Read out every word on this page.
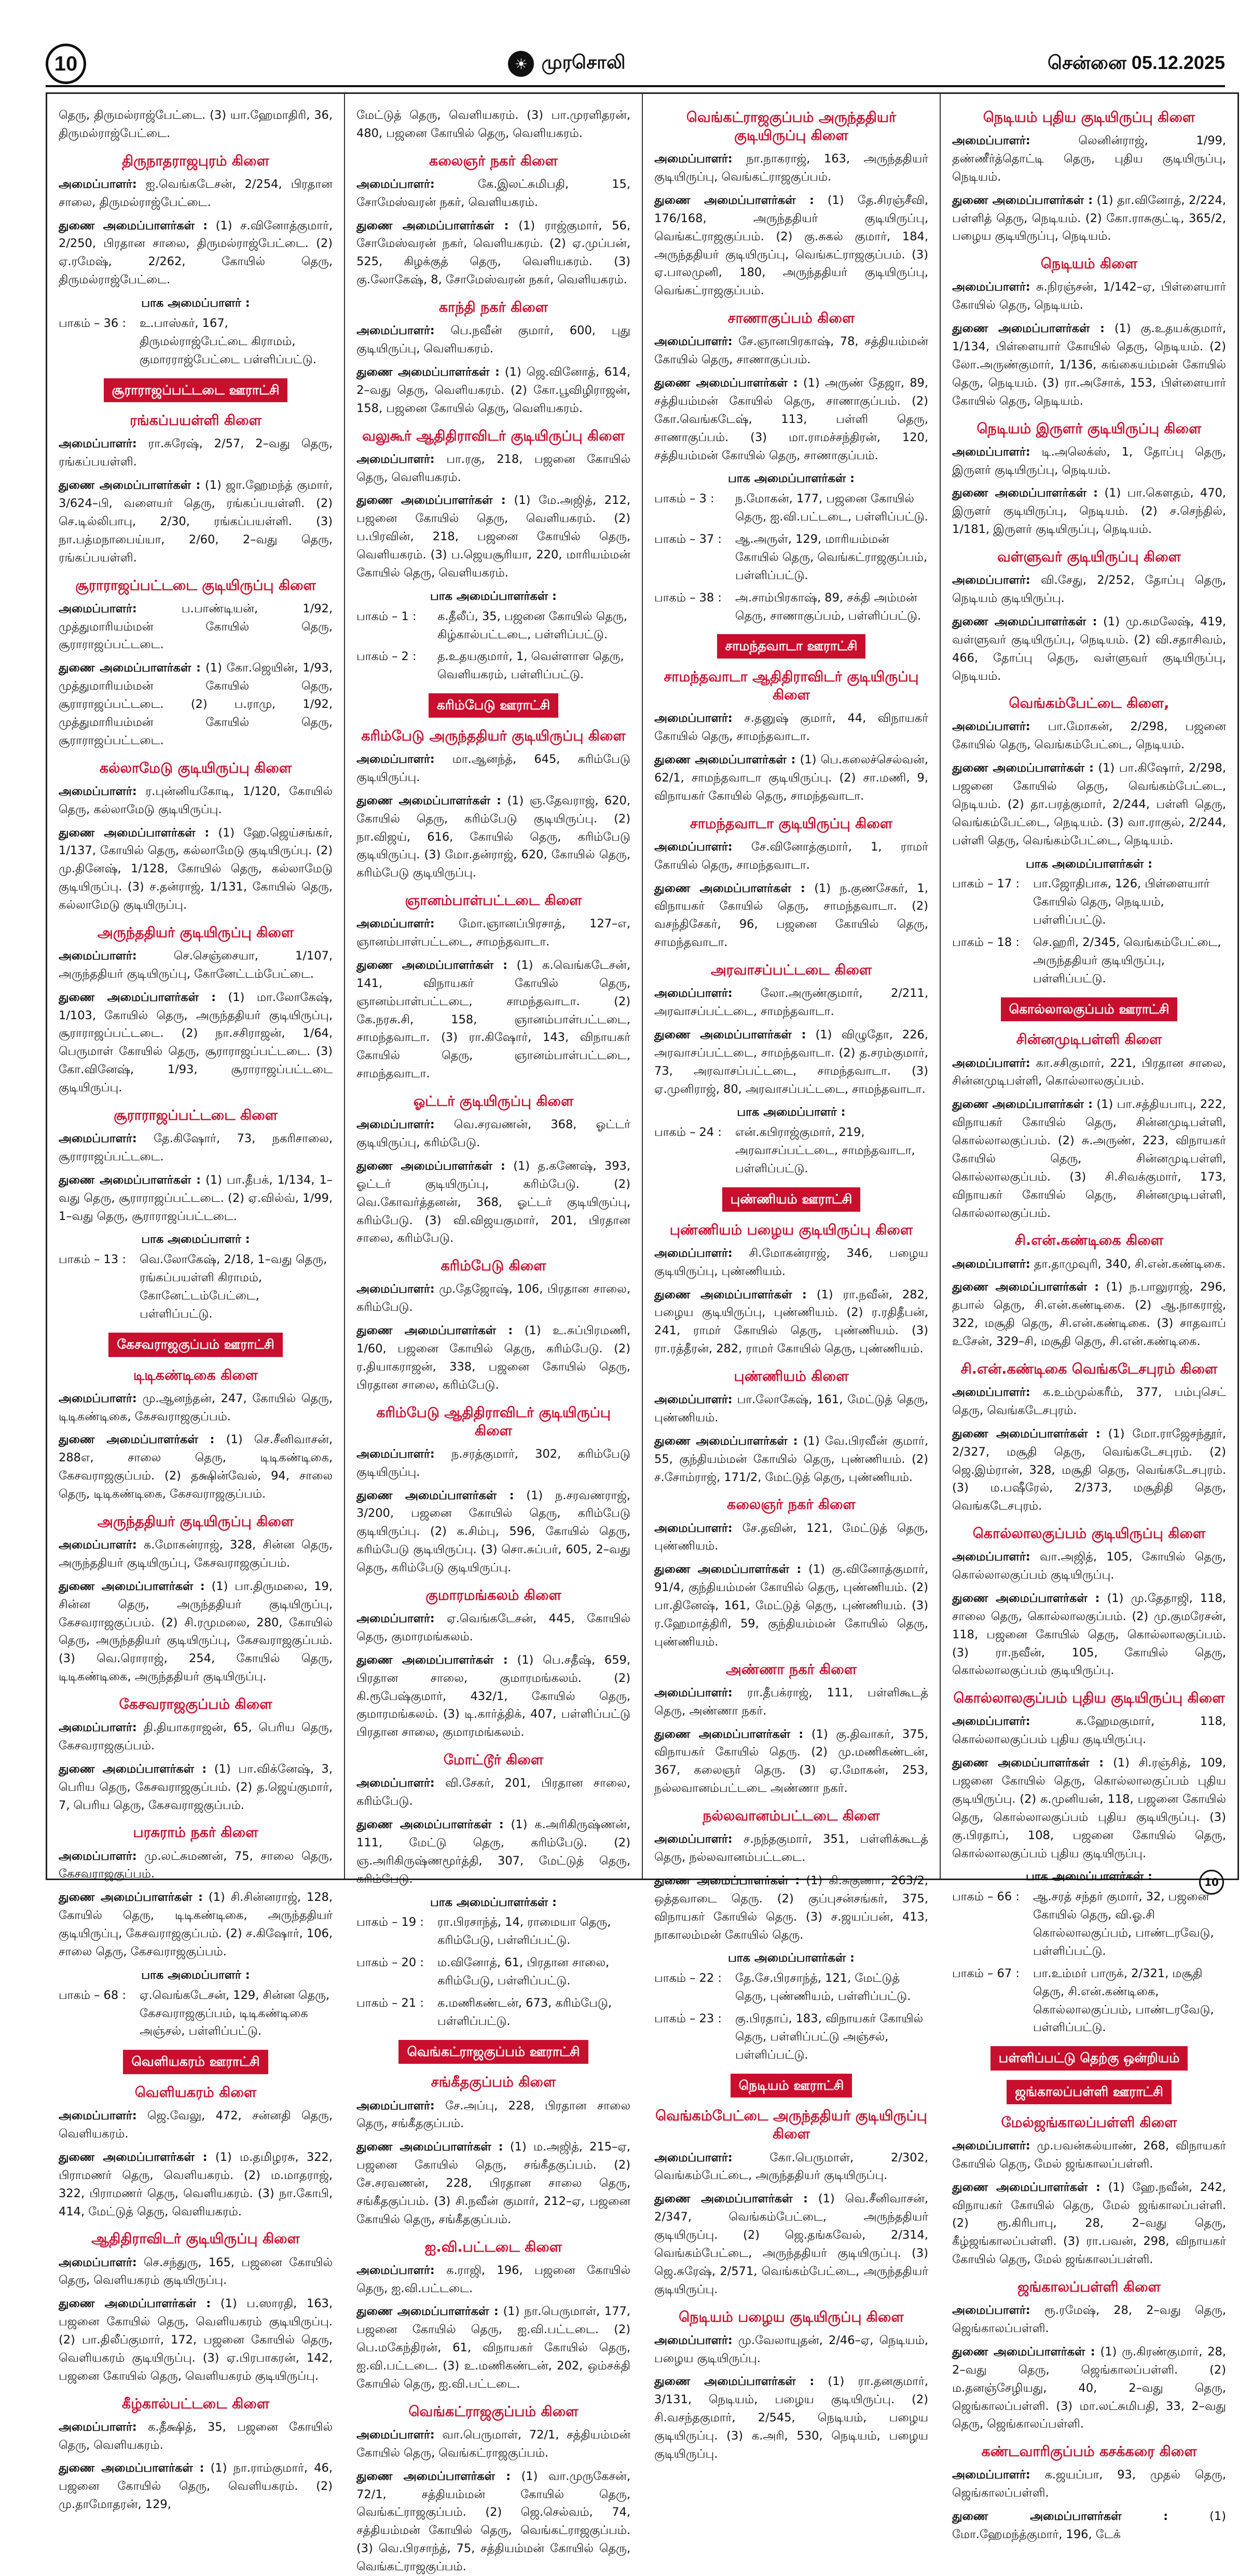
10	☀ முரசொலி	சென்னை 05.12.2025

தெரு, திருமல்ராஜ்பேட்டை. (3) யா.ஹேமாதிரி, 36, திருமல்ராஜ்பேட்டை.

திருநாதராஜபுரம் கிளை

அமைப்பாளர்: ஐ.வெங்கடேசன், 2/254, பிரதான சாலை, திருமல்ராஜ்பேட்டை.

துணை அமைப்பாளர்கள் : (1) ச.வினோத்குமார், 2/250, பிரதான சாலை, திருமல்ராஜ்பேட்டை. (2) ஏ.ரமேஷ், 2/262, கோயில் தெரு, திருமல்ராஜ்பேட்டை.

பாக அமைப்பாளர் :
பாகம் – 36 :	உ.பாஸ்கர், 167, திருமல்ராஜ்பேட்டை கிராமம், குமாரராஜ்பேட்டை பள்ளிப்பட்டு.
சூராராஜப்பட்டடை ஊராட்சி
ரங்கப்பயள்ளி கிளை

அமைப்பாளர்: ரா.சுரேஷ், 2/57, 2–வது தெரு, ரங்கப்பயள்ளி.

துணை அமைப்பாளர்கள் : (1) ஜா.ஹேமந்த் குமார், 3/624–பி, வளையர் தெரு, ரங்கப்பயள்ளி. (2) செ.டில்லிபாபு, 2/30, ரங்கப்பயள்ளி. (3) நா.பத்மநாபைய்யா, 2/60, 2–வது தெரு, ரங்கப்பயள்ளி.

சூராராஜப்பட்டடை குடியிருப்பு கிளை

அமைப்பாளர்:	ப.பாண்டியன், 1/92, முத்துமாரியம்மன் கோயில் தெரு, சூராராஜப்பட்டடை.

துணை அமைப்பாளர்கள் : (1) கோ.ஜெயின், 1/93, முத்துமாரியம்மன் கோயில் தெரு, சூராராஜப்பட்டடை. (2) ப.ராமு, 1/92, முத்துமாரியம்மன் கோயில் தெரு, சூராராஜப்பட்டடை.

கல்லாமேடு குடியிருப்பு கிளை

அமைப்பாளர்: ர.புன்னியகோடி, 1/120, கோயில் தெரு, கல்லாமேடு குடியிருப்பு.

துணை அமைப்பாளர்கள் : (1) ஹே.ஜெய்சங்கர், 1/137, கோயில் தெரு, கல்லாமேடு குடியிருப்பு. (2) மு.தினேஷ், 1/128, கோயில் தெரு, கல்லாமேடு குடியிருப்பு. (3) ச.தன்ராஜ், 1/131, கோயில் தெரு, கல்லாமேடு குடியிருப்பு.

அருந்ததியர் குடியிருப்பு கிளை

அமைப்பாளர்:	செ.செஞ்சையா, 1/107, அருந்ததியர் குடியிருப்பு, கோனேட்டம்பேட்டை.

துணை அமைப்பாளர்கள் : (1) மா.லோகேஷ், 1/103, கோயில் தெரு, அருந்ததியர் குடியிருப்பு, சூராராஜப்பட்டடை. (2) நா.சசிராஜன், 1/64, பெருமாள் கோயில் தெரு, சூராராஜப்பட்டடை. (3) கோ.வினேஷ், 1/93, சூராராஜப்பட்டடை குடியிருப்பு.

சூராராஜப்பட்டடை கிளை

அமைப்பாளர்: தே.கிஷோர், 73, நகரிசாலை, சூராராஜப்பட்டடை.

துணை அமைப்பாளர்கள் : (1) பா.தீபக், 1/134, 1–வது தெரு, சூராராஜப்பட்டடை. (2) ஏ.வில்வ், 1/99, 1–வது தெரு, சூராராஜப்பட்டடை.

பாக அமைப்பாளர் :
பாகம் – 13 :	வெ.லோகேஷ், 2/18, 1–வது தெரு, ரங்கப்பயள்ளி கிராமம், கோனேட்டம்பேட்டை, பள்ளிப்பட்டு.
கேசவராஜகுப்பம் ஊராட்சி
டிடிகண்டிகை கிளை

அமைப்பாளர்: மு.ஆனந்தன், 247, கோயில் தெரு, டிடிகண்டிகை, கேசவராஜகுப்பம்.

துணை அமைப்பாளர்கள் : (1) செ.சீனிவாசன், 288எ, சாலை தெரு, டிடிகண்டிகை, கேசவராஜகுப்பம். (2) தக்ஷின்வேல், 94, சாலை தெரு, டிடிகண்டிகை, கேசவராஜகுப்பம்.

அருந்ததியர் குடியிருப்பு கிளை

அமைப்பாளர்: க.மோகன்ராஜ், 328, சின்ன தெரு, அருந்ததியர் குடியிருப்பு, கேசவராஜகுப்பம்.

துணை அமைப்பாளர்கள் : (1) பா.திருமலை, 19, சின்ன தெரு, அருந்ததியர் குடியிருப்பு, கேசவராஜகுப்பம். (2) சி.ரமுமலை, 280, கோயில் தெரு, அருந்ததியர் குடியிருப்பு, கேசவராஜகுப்பம். (3) வெ.ரொராஜ், 254, கோயில் தெரு, டிடிகண்டிகை, அருந்ததியர் குடியிருப்பு.

கேசவராஜகுப்பம் கிளை

அமைப்பாளர்: தி.தியாகராஜன், 65, பெரிய தெரு, கேசவராஜகுப்பம்.

துணை அமைப்பாளர்கள் : (1) பா.விக்னேஷ், 3, பெரிய தெரு, கேசவராஜகுப்பம். (2) த.ஜெய்குமார், 7, பெரிய தெரு, கேசவராஜகுப்பம்.

பரசுராம் நகர் கிளை

அமைப்பாளர்: மு.லட்சுமணன், 75, சாலை தெரு, கேசவராஜகுப்பம்.

துணை அமைப்பாளர்கள் : (1) சி.சின்னராஜ், 128, கோயில் தெரு, டிடிகண்டிகை, அருந்ததியர் குடியிருப்பு, கேசவராஜகுப்பம். (2) ச.கிஷோர், 106, சாலை தெரு, கேசவராஜகுப்பம்.

பாக அமைப்பாளர் :
பாகம் – 68 :	ஏ.வெங்கடேசன், 129, சின்ன தெரு, கேசவராஜகுப்பம், டிடிகண்டிகை அஞ்சல், பள்ளிப்பட்டு.
வெளியகரம் ஊராட்சி
வெளியகரம் கிளை

அமைப்பாளர்: ஜெ.வேலு, 472, சன்னதி தெரு, வெளியகரம்.

துணை அமைப்பாளர்கள் : (1) ம.தமிழரசு, 322, பிராமணர் தெரு, வெளியகரம். (2) ம.மாதராஜ், 322, பிராமணர் தெரு, வெளியகரம். (3) நா.கோபி, 414, மேட்டுத் தெரு, வெளியகரம்.

ஆதிதிராவிடர் குடியிருப்பு கிளை

அமைப்பாளர்: செ.சந்துரு, 165, பஜனை கோயில் தெரு, வெளியகரம் குடியிருப்பு.

துணை அமைப்பாளர்கள் : (1) ப.ஸாரதி, 163, பஜனை கோயில் தெரு, வெளியகரம் குடியிருப்பு. (2) பா.திலீப்குமார், 172, பஜனை கோயில் தெரு, வெளியகரம் குடியிருப்பு. (3) ஏ.பிரபாகரன், 142, பஜனை கோயில் தெரு, வெளியகரம் குடியிருப்பு.

கீழ்கால்பட்டடை கிளை

அமைப்பாளர்: க.தீக்ஷித், 35, பஜனை கோயில் தெரு, வெளியகரம்.

துணை அமைப்பாளர்கள் : (1) நா.ராம்குமார், 46, பஜனை கோயில் தெரு, வெளியகரம். (2) மு.தாமோதரன், 129,

மேட்டுத் தெரு, வெளியகரம். (3) பா.முரளிதரன், 480, பஜனை கோயில் தெரு, வெளியகரம்.

கலைஞர் நகர் கிளை

அமைப்பாளர்:	கே.இலட்சுமிபதி, 15, சோமேஸ்வரன் நகர், வெளியகரம்.

துணை அமைப்பாளர்கள் : (1) ராஜ்குமார், 56, சோமேஸ்வரன் நகர், வெளியகரம். (2) ஏ.முப்பன், 525, கிழக்குத் தெரு, வெளியகரம். (3) கு.லோகேஷ், 8, சோமேஸ்வரன் நகர், வெளியகரம்.

காந்தி நகர் கிளை

அமைப்பாளர்: பெ.நவீன் குமார், 600, புது குடியிருப்பு, வெளியகரம்.

துணை அமைப்பாளர்கள் : (1) ஜெ.வினோத், 614, 2–வது தெரு, வெளியகரம். (2) கோ.பூவிழிராஜன், 158, பஜனை கோயில் தெரு, வெளியகரம்.

வலுகூர் ஆதிதிராவிடர் குடியிருப்பு கிளை

அமைப்பாளர்: பா.ரகு, 218, பஜனை கோயில் தெரு, வெளியகரம்.

துணை அமைப்பாளர்கள் : (1) மே.அஜித், 212, பஜனை கோயில் தெரு, வெளியகரம். (2) ப.பிரவின், 218, பஜனை கோயில் தெரு, வெளியகரம். (3) ப.ஜெயசூரியா, 220, மாரியம்மன் கோயில் தெரு, வெளியகரம்.

பாக அமைப்பாளர்கள் :
பாகம் – 1 :	க.தீலீப், 35, பஜனை கோயில் தெரு, கிழ்கால்பட்டடை, பள்ளிப்பட்டு.
பாகம் – 2 :	த.உதயகுமார், 1, வெள்ளாள தெரு, வெளியகரம், பள்ளிப்பட்டு.
கரிம்பேடு ஊராட்சி
கரிம்பேடு அருந்ததியர் குடியிருப்பு கிளை

அமைப்பாளர்: மா.ஆனந்த், 645, கரிம்பேடு குடியிருப்பு.

துணை அமைப்பாளர்கள் : (1) ஞ.தேவராஜ், 620, கோயில் தெரு, கரிம்பேடு குடியிருப்பு. (2) நா.விஜய், 616, கோயில் தெரு, கரிம்பேடு குடியிருப்பு. (3) மோ.தன்ராஜ், 620, கோயில் தெரு, கரிம்பேடு குடியிருப்பு.

ஞானம்பாள்பட்டடை கிளை

அமைப்பாளர்: மோ.ஞானப்பிரசாத், 127–எ, ஞானம்பாள்பட்டடை, சாமந்தவாடா.

துணை அமைப்பாளர்கள் : (1) க.வெங்கடேசன், 141, விநாயகர் கோயில் தெரு, ஞானம்பாள்பட்டடை, சாமந்தவாடா. (2) கே.நரசு.சி, 158, ஞானம்பாள்பட்டடை, சாமந்தவாடா. (3) ரா.கிஷோர், 143, விநாயகர் கோயில் தெரு, ஞானம்பாள்பட்டடை, சாமந்தவாடா.

ஓட்டர் குடியிருப்பு கிளை

அமைப்பாளர்: வெ.சரவணன், 368, ஓட்டர் குடியிருப்பு, கரிம்பேடு.

துணை அமைப்பாளர்கள் : (1) த.கணேஷ், 393, ஓட்டர் குடியிருப்பு, கரிம்பேடு. (2) வெ.கோவர்த்தனன், 368, ஓட்டர் குடியிருப்பு, கரிம்பேடு. (3) வி.விஜயகுமார், 201, பிரதான சாலை, கரிம்பேடு.

கரிம்பேடு கிளை

அமைப்பாளர்: மு.தேஜோஷ், 106, பிரதான சாலை, கரிம்பேடு.

துணை அமைப்பாளர்கள் : (1) உ.சுப்பிரமணி, 1/60, பஜனை கோயில் தெரு, கரிம்பேடு. (2) ர.தியாகராஜன், 338, பஜனை கோயில் தெரு, பிரதான சாலை, கரிம்பேடு.

கரிம்பேடு ஆதிதிராவிடர் குடியிருப்பு கிளை

அமைப்பாளர்: ந.சரத்குமார், 302, கரிம்பேடு குடியிருப்பு.

துணை அமைப்பாளர்கள் : (1) ந.சரவணராஜ், 3/200, பஜனை கோயில் தெரு, கரிம்பேடு குடியிருப்பு. (2) க.சிம்பு, 596, கோயில் தெரு, கரிம்பேடு குடியிருப்பு. (3) சொ.சுப்பர், 605, 2–வது தெரு, கரிம்பேடு குடியிருப்பு.

குமாரமங்கலம் கிளை

அமைப்பாளர்: ஏ.வெங்கடேசன், 445, கோயில் தெரு, குமாரமங்கலம்.

துணை அமைப்பாளர்கள் : (1) பெ.சதீஷ், 659, பிரதான சாலை, குமாரமங்கலம். (2) கி.ரூபேஷ்குமார், 432/1, கோயில் தெரு, குமாரமங்கலம். (3) டி.கார்த்திக், 407, பள்ளிப்பட்டு பிரதான சாலை, குமாரமங்கலம்.

மோட்டூர் கிளை

அமைப்பாளர்: வி.சேகர், 201, பிரதான சாலை, கரிம்பேடு.

துணை அமைப்பாளர்கள் : (1) க.அரிகிருஷ்ணன், 111, மேட்டு தெரு, கரிம்பேடு. (2) ஞ.அரிகிருஷ்ணமூர்த்தி, 307, மேட்டுத் தெரு, கரிம்பேடு.

பாக அமைப்பாளர்கள் :
பாகம் – 19 :	ரா.பிரசாந்த், 14, ராமையா தெரு, கரிம்பேடு, பள்ளிப்பட்டு.
பாகம் – 20 :	ம.வினோத், 61, பிரதான சாலை, கரிம்பேடு, பள்ளிப்பட்டு.
பாகம் – 21 :	க.மணிகண்டன், 673, கரிம்பேடு, பள்ளிப்பட்டு.
வெங்கட்ராஜகுப்பம் ஊராட்சி
சங்கீதகுப்பம் கிளை

அமைப்பாளர்: சே.அப்பு, 228, பிரதான சாலை தெரு, சங்கீதகுப்பம்.

துணை அமைப்பாளர்கள் : (1) ம.அஜித், 215–ஏ, பஜனை கோயில் தெரு, சங்கீதகுப்பம். (2) சே.சரவணன், 228, பிரதான சாலை தெரு, சங்கீதகுப்பம். (3) சி.நவீன் குமார், 212–ஏ, பஜனை கோயில் தெரு, சங்கீதகுப்பம்.

ஐ.வி.பட்டடை கிளை

அமைப்பாளர்: க.ராஜி, 196, பஜனை கோயில் தெரு, ஐ.வி.பட்டடை.

துணை அமைப்பாளர்கள் : (1) நா.பெருமாள், 177, பஜனை கோயில் தெரு, ஐ.வி.பட்டடை. (2) பெ.மகேந்திரன், 61, விநாயகர் கோயில் தெரு, ஐ.வி.பட்டடை. (3) உ.மணிகண்டன், 202, ஒம்சக்தி கோயில் தெரு, ஐ.வி.பட்டடை.

வெங்கட்ராஜகுப்பம் கிளை

அமைப்பாளர்: வா.பெருமாள், 72/1, சத்தியம்மன் கோயில் தெரு, வெங்கட்ராஜகுப்பம்.

துணை அமைப்பாளர்கள் : (1) வா.முருகேசன், 72/1, சத்தியம்மன் கோயில் தெரு, வெங்கட்ராஜகுப்பம். (2) ஜெ.செல்வம், 74, சத்தியம்மன் கோயில் தெரு, வெங்கட்ராஜகுப்பம். (3) வெ.பிரசாந்த், 75, சத்தியம்மன் கோயில் தெரு, வெங்கட்ராஜகுப்பம்.

வெங்கட்ராஜகுப்பம் அருந்ததியர் குடியிருப்பு கிளை

அமைப்பாளர்: நா.நாகராஜ், 163, அருந்ததியர் குடியிருப்பு, வெங்கட்ராஜகுப்பம்.

துணை அமைப்பாளர்கள் : (1) தே.சிரஞ்சீவி, 176/168, அருந்ததியர் குடியிருப்பு, வெங்கட்ராஜகுப்பம். (2) கு.சுகல் குமார், 184, அருந்ததியர் குடியிருப்பு, வெங்கட்ராஜகுப்பம். (3) ஏ.பாலமுனி, 180, அருந்ததியர் குடியிருப்பு, வெங்கட்ராஜகுப்பம்.

சாணாகுப்பம் கிளை

அமைப்பாளர்: சே.ஞானபிரகாஷ், 78, சத்தியம்மன் கோயில் தெரு, சாணாகுப்பம்.

துணை அமைப்பாளர்கள் : (1) அருண் தேஜா, 89, சத்தியம்மன் கோயில் தெரு, சாணாகுப்பம். (2) கோ.வெங்கடேஷ், 113, பள்ளி தெரு, சாணாகுப்பம். (3) மா.ராமச்சந்திரன், 120, சத்தியம்மன் கோயில் தெரு, சாணாகுப்பம்.

பாக அமைப்பாளர்கள் :
பாகம் – 3 :	ந.மோகன், 177, பஜனை கோயில் தெரு, ஐ.வி.பட்டடை, பள்ளிப்பட்டு.
பாகம் – 37 :	ஆ.அருள், 129, மாரியம்மன் கோயில் தெரு, வெங்கட்ராஜகுப்பம், பள்ளிப்பட்டு.
பாகம் – 38 :	அ.சாம்பிரகாஷ், 89, சக்தி அம்மன் தெரு, சாணாகுப்பம், பள்ளிப்பட்டு.
சாமந்தவாடா ஊராட்சி
சாமந்தவாடா ஆதிதிராவிடர் குடியிருப்பு கிளை

அமைப்பாளர்: ச.தனுஷ் குமார், 44, விநாயகர் கோயில் தெரு, சாமந்தவாடா.

துணை அமைப்பாளர்கள் : (1) பெ.கலைச்செல்வன், 62/1, சாமந்தவாடா குடியிருப்பு. (2) சா.மணி, 9, விநாயகர் கோயில் தெரு, சாமந்தவாடா.

சாமந்தவாடா குடியிருப்பு கிளை

அமைப்பாளர்: சே.வினோத்குமார், 1, ராமர் கோயில் தெரு, சாமந்தவாடா.

துணை அமைப்பாளர்கள் : (1) ந.குணசேகர், 1, விநாயகர் கோயில் தெரு, சாமந்தவாடா. (2) வசந்திசேகர், 96, பஜனை கோயில் தெரு, சாமந்தவாடா.

அரவாசப்பட்டடை கிளை

அமைப்பாளர்: லோ.அருண்குமார், 2/211, அரவாசப்பட்டடை, சாமந்தவாடா.

துணை அமைப்பாளர்கள் : (1) விழுதோ, 226, அரவாசப்பட்டடை, சாமந்தவாடா. (2) த.சரம்குமார், 73, அரவாசப்பட்டடை, சாமந்தவாடா. (3) ஏ.முனிராஜ், 80, அரவாசப்பட்டடை, சாமந்தவாடா.

பாக அமைப்பாளர் :
பாகம் – 24 :	என்.கபிராஜ்குமார், 219, அரவாசப்பட்டடை, சாமந்தவாடா, பள்ளிப்பட்டு.
புண்ணியம் ஊராட்சி
புண்ணியம் பழைய குடியிருப்பு கிளை

அமைப்பாளர்: சி.மோகன்ராஜ், 346, பழைய குடியிருப்பு, புண்ணியம்.

துணை அமைப்பாளர்கள் : (1) ரா.நவீன், 282, பழைய குடியிருப்பு, புண்ணியம். (2) ர.ரதிதீபன், 241, ராமர் கோயில் தெரு, புண்ணியம். (3) ரா.ரத்தீரன், 282, ராமர் கோயில் தெரு, புண்ணியம்.

புண்ணியம் கிளை

அமைப்பாளர்: பா.லோகேஷ், 161, மேட்டுத் தெரு, புண்ணியம்.

துணை அமைப்பாளர்கள் : (1) வே.பிரவீன் குமார், 55, குந்தியம்மன் கோயில் தெரு, புண்ணியம். (2) ச.சோம்ராஜ், 171/2, மேட்டுத் தெரு, புண்ணியம்.

கலைஞர் நகர் கிளை

அமைப்பாளர்: சே.தவின், 121, மேட்டுத் தெரு, புண்ணியம்.

துணை அமைப்பாளர்கள் : (1) கு.வினோத்குமார், 91/4, குந்தியம்மன் கோயில் தெரு, புண்ணியம். (2) பா.தினேஷ், 161, மேட்டுத் தெரு, புண்ணியம். (3) ர.ஹேமாத்திரி, 59, குந்தியம்மன் கோயில் தெரு, புண்ணியம்.

அண்ணா நகர் கிளை

அமைப்பாளர்: ரா.தீபக்ராஜ், 111, பள்ளிகூடத் தெரு, அண்ணா நகர்.

துணை அமைப்பாளர்கள் : (1) கு.திவாகர், 375, விநாயகர் கோயில் தெரு. (2) மு.மணிகண்டன், 367, கலைஞர் தெரு. (3) ஏ.மோகன், 253, நல்லவானம்பட்டடை அண்ணா நகர்.

நல்லவானம்பட்டடை கிளை

அமைப்பாளர்: ச.நந்தகுமார், 351, பள்ளிக்கூடத் தெரு, நல்லவானம்பட்டடை.

துணை அமைப்பாளர்கள் : (1) கி.சுகுணா, 263/2, ஒத்தவாடை தெரு. (2) குப்புசன்சங்கர், 375, விநாயகர் கோயில் தெரு. (3) ச.ஜயப்பன், 413, நாகாலம்மன் கோயில் தெரு.

பாக அமைப்பாளர்கள் :
பாகம் – 22 :	தே.சே.பிரசாந்த், 121, மேட்டுத் தெரு, புண்ணியம், பள்ளிப்பட்டு.
பாகம் – 23 :	கு.பிரதாப், 183, விநாயகர் கோயில் தெரு, பள்ளிப்பட்டு அஞ்சல், பள்ளிப்பட்டு.
நெடியம் ஊராட்சி
வெங்கம்பேட்டை அருந்ததியர் குடியிருப்பு கிளை

அமைப்பாளர்:	கோ.பெருமாள், 2/302, வெங்கம்பேட்டை, அருந்ததியர் குடியிருப்பு.

துணை அமைப்பாளர்கள் : (1) வெ.சீனிவாசன், 2/347, வெங்கம்பேட்டை, அருந்ததியர் குடியிருப்பு. (2) ஜெ.தங்கவேல், 2/314, வெங்கம்பேட்டை, அருந்ததியர் குடியிருப்பு. (3) ஜெ.சுரேஷ், 2/571, வெங்கம்பேட்டை, அருந்ததியர் குடியிருப்பு.

நெடியம் பழைய குடியிருப்பு கிளை

அமைப்பாளர்: மு.வேலாயுதன், 2/46–ஏ, நெடியம், பழைய குடியிருப்பு.

துணை அமைப்பாளர்கள் : (1) ரா.தனகுமார், 3/131, நெடியம், பழைய குடியிருப்பு. (2) சி.வசந்தகுமார், 2/545, நெடியம், பழைய குடியிருப்பு. (3) க.அரி, 530, நெடியம், பழைய குடியிருப்பு.

நெடியம் புதிய குடியிருப்பு கிளை

அமைப்பாளர்:	லெனின்ராஜ், 1/99, தண்ணீர்த்தொட்டி தெரு, புதிய குடியிருப்பு, நெடியம்.

துணை அமைப்பாளர்கள் : (1) தா.வினோத், 2/224, பள்ளித் தெரு, நெடியம். (2) கோ.ராசுகுட்டி, 365/2, பழைய குடியிருப்பு, நெடியம்.

நெடியம் கிளை

அமைப்பாளர்: சு.நிரஞ்சன், 1/142–ஏ, பிள்ளையார் கோயில் தெரு, நெடியம்.

துணை அமைப்பாளர்கள் : (1) கு.உதயக்குமார், 1/134, பிள்ளையார் கோயில் தெரு, நெடியம். (2) லோ.அருண்குமார், 1/136, கங்கையம்மன் கோயில் தெரு, நெடியம். (3) ரா.அசோக், 153, பிள்ளையார் கோயில் தெரு, நெடியம்.

நெடியம் இருளர் குடியிருப்பு கிளை

அமைப்பாளர்: டி.அலெக்ஸ், 1, தோப்பு தெரு, இருளர் குடியிருப்பு, நெடியம்.

துணை அமைப்பாளர்கள் : (1) பா.கௌதம், 470, இருளர் குடியிருப்பு, நெடியம். (2) ச.செந்தில், 1/181, இருளர் குடியிருப்பு, நெடியம்.

வள்ளுவர் குடியிருப்பு கிளை

அமைப்பாளர்: வி.சேது, 2/252, தோப்பு தெரு, நெடியம் குடியிருப்பு.

துணை அமைப்பாளர்கள் : (1) மு.கமலேஷ், 419, வள்ளுவர் குடியிருப்பு, நெடியம். (2) வி.சதாசிவம், 466, தோப்பு தெரு, வள்ளுவர் குடியிருப்பு, நெடியம்.

வெங்கம்பேட்டை கிளை,

அமைப்பாளர்: பா.மோகன், 2/298, பஜனை கோயில் தெரு, வெங்கம்பேட்டை, நெடியம்.

துணை அமைப்பாளர்கள் : (1) பா.கிஷோர், 2/298, பஜனை கோயில் தெரு, வெங்கம்பேட்டை, நெடியம். (2) தா.பரத்குமார், 2/244, பள்ளி தெரு, வெங்கம்பேட்டை, நெடியம். (3) வா.ராகுல், 2/244, பள்ளி தெரு, வெங்கம்பேட்டை, நெடியம்.

பாக அமைப்பாளர்கள் :
பாகம் – 17 :	பா.ஜோதிபாசு, 126, பிள்ளையார் கோயில் தெரு, நெடியம், பள்ளிப்பட்டு.
பாகம் – 18 :	செ.ஹரி, 2/345, வெங்கம்பேட்டை, அருந்ததியர் குடியிருப்பு, பள்ளிப்பட்டு.
கொல்லாலகுப்பம் ஊராட்சி
சின்னமுடிபள்ளி கிளை

அமைப்பாளர்: கா.சசிகுமார், 221, பிரதான சாலை, சின்னமுடிபள்ளி, கொல்லாலகுப்பம்.

துணை அமைப்பாளர்கள் : (1) பா.சத்தியபாபு, 222, விநாயகர் கோயில் தெரு, சின்னமுடிபள்ளி, கொல்லாலகுப்பம். (2) சு.அருண், 223, விநாயகர் கோயில் தெரு, சின்னமுடிபள்ளி, கொல்லாலகுப்பம். (3) சி.சிவக்குமார், 173, விநாயகர் கோயில் தெரு, சின்னமுடிபள்ளி, கொல்லாலகுப்பம்.

சி.என்.கண்டிகை கிளை

அமைப்பாளர்: தா.தாமுவுரி, 340, சி.என்.கண்டிகை.

துணை அமைப்பாளர்கள் : (1) ந.பாலுராஜ், 296, தபால் தெரு, சி.என்.கண்டிகை. (2) ஆ.நாகராஜ், 322, மசூதி தெரு, சி.என்.கண்டிகை. (3) சாதவாப் உசேன், 329–சி, மசூதி தெரு, சி.என்.கண்டிகை.

சி.என்.கண்டிகை வெங்கடேசபுரம் கிளை

அமைப்பாளர்: க.உம்முல்கரீம், 377, பம்புசெட் தெரு, வெங்கடேசபுரம்.

துணை அமைப்பாளர்கள் : (1) மோ.ராஜேசந்தூர், 2/327, மசூதி தெரு, வெங்கடேசபுரம். (2) ஜெ.இம்ரான், 328, மசூதி தெரு, வெங்கடேசபுரம். (3) ம.பஷீரேல், 2/373, மசூதிதி தெரு, வெங்கடேசபுரம்.

கொல்லாலகுப்பம் குடியிருப்பு கிளை

அமைப்பாளர்: வா.அஜித், 105, கோயில் தெரு, கொல்லாலகுப்பம் குடியிருப்பு.

துணை அமைப்பாளர்கள் : (1) மு.தேதாஜி, 118, சாலை தெரு, கொல்லாலகுப்பம். (2) மு.குமரேசன், 118, பஜனை கோயில் தெரு, கொல்லாலகுப்பம். (3) ரா.நவீன், 105, கோயில் தெரு, கொல்லாலகுப்பம் குடியிருப்பு.

கொல்லாலகுப்பம் புதிய குடியிருப்பு கிளை

அமைப்பாளர்:	க.ஹேமகுமார், 118, கொல்லாலகுப்பம் புதிய குடியிருப்பு.

துணை அமைப்பாளர்கள் : (1) சி.ரஞ்சித், 109, பஜனை கோயில் தெரு, கொல்லாலகுப்பம் புதிய குடியிருப்பு. (2) க.முனியன், 118, பஜனை கோயில் தெரு, கொல்லாலகுப்பம் புதிய குடியிருப்பு. (3) கு.பிரதாப், 108, பஜனை கோயில் தெரு, கொல்லாலகுப்பம் புதிய குடியிருப்பு.

பாக அமைப்பாளர்கள் :
பாகம் – 66 :	ஆ.சரத் சந்தர் குமார், 32, பஜனை கோயில் தெரு, வி.ஓ.சி கொல்லாலகுப்பம், பாண்டரவேடு, பள்ளிப்பட்டு.
பாகம் – 67 :	பா.உம்மர் பாருக், 2/321, மசூதி தெரு, சி.என்.கண்டிகை, கொல்லாலகுப்பம், பாண்டரவேடு, பள்ளிப்பட்டு.
பள்ளிப்பட்டு தெற்கு ஒன்றியம்
ஜங்காலப்பள்ளி ஊராட்சி
மேல்ஜங்காலப்பள்ளி கிளை

அமைப்பாளர்: மு.பவன்கல்யாண், 268, விநாயகர் கோயில் தெரு, மேல் ஜங்காலப்பள்ளி.

துணை அமைப்பாளர்கள் : (1) ஹே.நவீன், 242, விநாயகர் கோயில் தெரு, மேல் ஜங்காலப்பள்ளி. (2) ரூ.கிரிபாபு, 28, 2–வது தெரு, கீழ்ஜங்காலப்பள்ளி. (3) ரா.பவன், 298, விநாயகர் கோயில் தெரு, மேல் ஜங்காலப்பள்ளி.

ஜங்காலப்பள்ளி கிளை

அமைப்பாளர்: ரூ.ரமேஷ், 28, 2–வது தெரு, ஜெங்காலப்பள்ளி.

துணை அமைப்பாளர்கள் : (1) ரு.கிரண்குமார், 28, 2–வது தெரு, ஜெங்காலப்பள்ளி. (2) ம.தனஞ்சேழியது, 40, 2–வது தெரு, ஜெங்காலப்பள்ளி. (3) மா.லட்சுமிபதி, 33, 2–வது தெரு, ஜெங்காலப்பள்ளி.

கண்டவாரிகுப்பம் கசக்கரை கிளை

அமைப்பாளர்: க.ஜயப்பா, 93, முதல் தெரு, ஜெங்காலப்பள்ளி.

துணை அமைப்பாளர்கள் :	(1) மோ.ஹேமந்த்குமார், 196, டேக்

10
